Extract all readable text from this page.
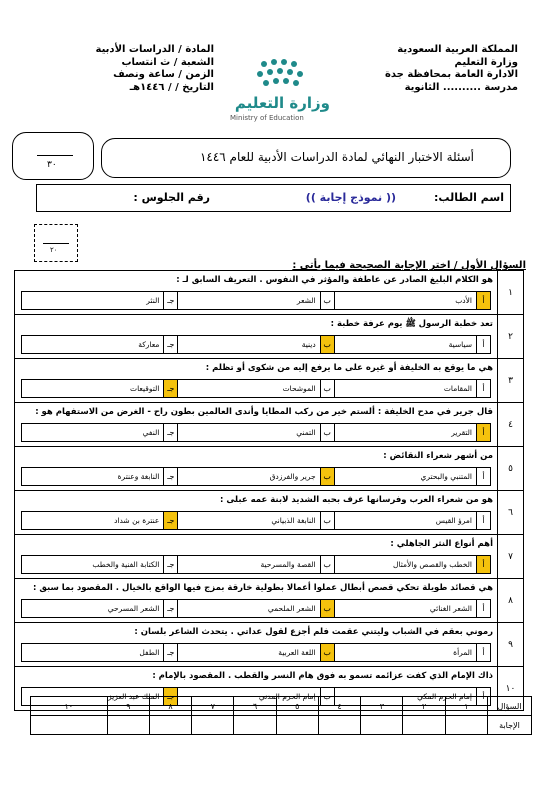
المملكة العربية السعودية
وزارة التعليم
الادارة العامة بمحافظة جدة
مدرسة .......... الثانوية
وزارة التعليم
Ministry of Education
المادة / الدراسات الأدبية
الشعبة / ث انتساب
الزمن / ساعة ونصف
التاريخ / / ١٤٤٦هـ
أسئلة الاختبار النهائي لمادة الدراسات الأدبية للعام ١٤٤٦
٣٠
اسم الطالب:
(( نموذج إجابة ))
رقم الجلوس :
٢٠
السؤال الأول / اختر الإجابة الصحيحة فيما يأتي :
١
هو الكلام البليغ الصادر عن عاطفة والمؤثر في النفوس . التعريف السابق لـ :
أ
الأدب
ب
الشعر
جـ
النثر
٢
تعد خطبة الرسول ﷺ يوم عرفة خطبة :
أ
سياسية
ب
دينية
جـ
معاركة
٣
هي ما يوقع به الخليفة أو غيره على ما يرفع إليه من شكوى أو تظلم :
أ
المقامات
ب
الموشحات
جـ
التوقيعات
٤
قال جرير في مدح الخليفة : ألستم خير من ركب المطايا وأندى العالمين بطون راح - الغرض من الاستفهام هو :
أ
التقرير
ب
التمني
جـ
النفي
٥
من أشهر شعراء النقائض :
أ
المتنبي والبحتري
ب
جرير والفرزدق
جـ
النابغة وعنترة
٦
هو من شعراء العرب وفرسانها عرف بحبه الشديد لابنة عمه عبلى :
أ
امرؤ القيس
ب
النابغة الذبياني
جـ
عنترة بن شداد
٧
أهم أنواع النثر الجاهلي :
أ
الخطب والقصص والأمثال
ب
القصة والمسرحية
جـ
الكتابة الفنية والخطب
٨
هي قصائد طويلة تحكي قصص أبطال عملوا أعمالا بطولية خارقة بمزج فيها الواقع بالخيال . المقصود بما سبق :
أ
الشعر الغنائي
ب
الشعر الملحمي
جـ
الشعر المسرحي
٩
رموني بعقم في الشباب وليتني عقمت فلم أجزع لقول عداتي . يتحدث الشاعر بلسان :
أ
المرأة
ب
اللغة العربية
جـ
الطفل
١٠
ذاك الإمام الذي كفت عزائمه تسمو به فوق هام النسر والقطب . المقصود بالإمام :
أ
إمام الحرم المكي
ب
إمام الحرم المدني
جـ
الملك عبد العزيز
السؤال	١	٢	٣	٤	٥	٦	٧	٨	٩	١٠
الإجابة										
